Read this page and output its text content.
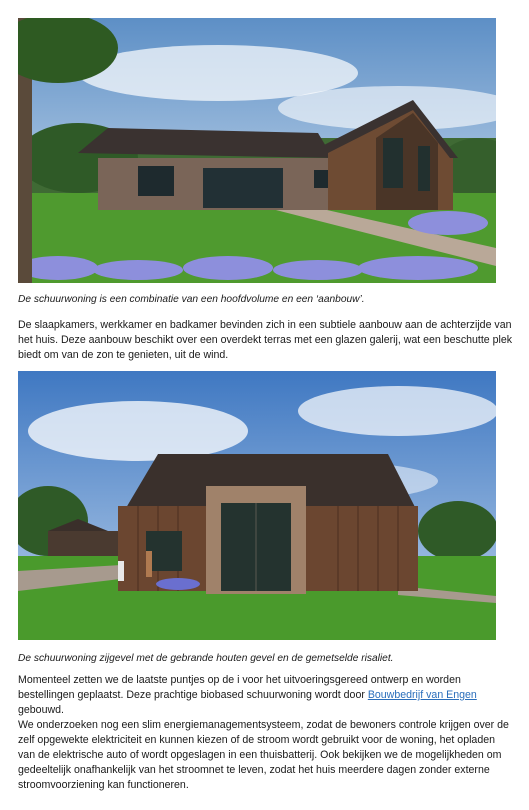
De schuurwoning is een combinatie van een hoofdvolume en een ‘aanbouw’.

De slaapkamers, werkkamer en badkamer bevinden zich in een subtiele aanbouw aan de achterzijde van het huis. Deze aanbouw beschikt over een overdekt terras met een glazen galerij, wat een beschutte plek biedt om van de zon te genieten, uit de wind.

De schuurwoning zijgevel met de gebrande houten gevel en de gemetselde risaliet.

Momenteel zetten we de laatste puntjes op de i voor het uitvoeringsgereed ontwerp en worden bestellingen geplaatst. Deze prachtige biobased schuurwoning wordt door Bouwbedrijf van Engen gebouwd.

We onderzoeken nog een slim energiemanagementsysteem, zodat de bewoners controle krijgen over de zelf opgewekte elektriciteit en kunnen kiezen of de stroom wordt gebruikt voor de woning, het opladen van de elektrische auto of wordt opgeslagen in een thuisbatterij. Ook bekijken we de mogelijkheden om gedeeltelijk onafhankelijk van het stroomnet te leven, zodat het huis meerdere dagen zonder externe stroomvoorziening kan functioneren.
